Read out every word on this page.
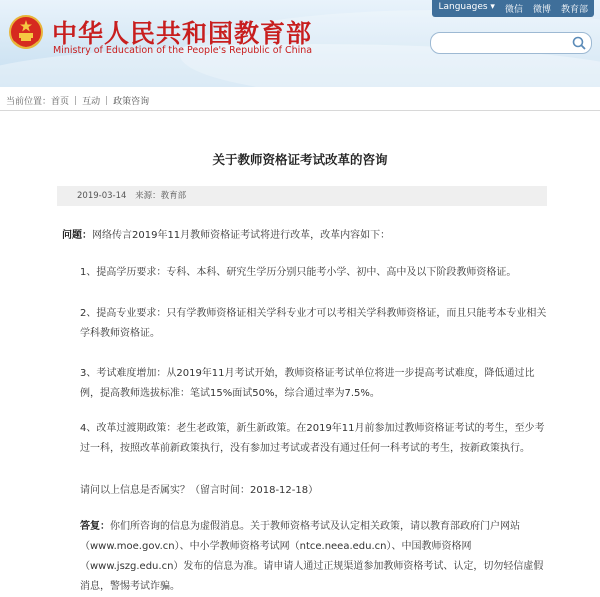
中华人民共和国教育部
Ministry of Education of the People's Republic of China
Languages ▾ 微信 微博 教育部
当前位置： 首页 | 互动 | 政策咨询
关于教师资格证考试改革的咨询
2019-03-14 来源：教育部

问题：网络传言2019年11月教师资格证考试将进行改革，改革内容如下：

1、提高学历要求：专科、本科、研究生学历分别只能考小学、初中、高中及以下阶段教师资格证。

2、提高专业要求：只有学教师资格证相关学科专业才可以考相关学科教师资格证，而且只能考本专业相关学科教师资格证。

3、考试难度增加：从2019年11月考试开始，教师资格证考试单位将进一步提高考试难度，降低通过比例，提高教师选拔标准：笔试15%面试50%，综合通过率为7.5%。

4、改革过渡期政策：老生老政策，新生新政策。在2019年11月前参加过教师资格证考试的考生，至少考过一科，按照改革前新政策执行，没有参加过考试或者没有通过任何一科考试的考生，按新政策执行。

请问以上信息是否属实？（留言时间：2018-12-18）

答复：你们所咨询的信息为虚假消息。关于教师资格考试及认定相关政策，请以教育部政府门户网站（www.moe.gov.cn）、中小学教师资格考试网（ntce.neea.edu.cn）、中国教师资格网（www.jszg.edu.cn）发布的信息为准。请申请人通过正规渠道参加教师资格考试、认定，切勿轻信虚假消息，警惕考试诈骗。
